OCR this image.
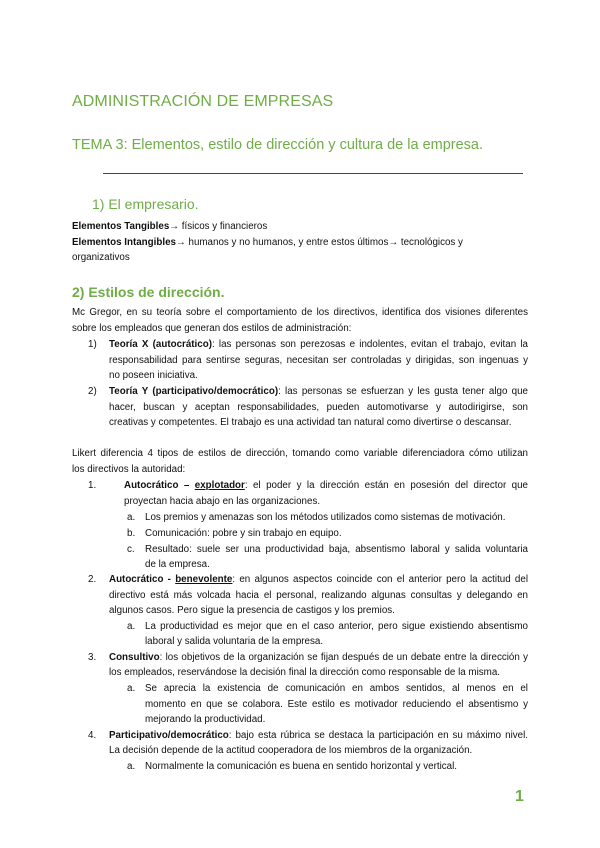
ADMINISTRACIÓN DE EMPRESAS
TEMA 3: Elementos, estilo de dirección y cultura de la empresa.
1) El empresario.
Elementos Tangibles→ físicos y financieros
Elementos Intangibles→ humanos y no humanos, y entre estos últimos→ tecnológicos y
organizativos
2) Estilos de dirección.
Mc Gregor, en su teoría sobre el comportamiento de los directivos, identifica dos visiones diferentes
sobre los empleados que generan dos estilos de administración:
1) Teoría X (autocrático): las personas son perezosas e indolentes, evitan el trabajo, evitan la
responsabilidad para sentirse seguras, necesitan ser controladas y dirigidas, son ingenuas y
no poseen iniciativa.
2) Teoría Y (participativo/democrático): las personas se esfuerzan y les gusta tener algo que
hacer, buscan y aceptan responsabilidades, pueden automotivarse y autodirigirse, son
creativas y competentes. El trabajo es una actividad tan natural como divertirse o descansar.
Likert diferencia 4 tipos de estilos de dirección, tomando como variable diferenciadora cómo utilizan
los directivos la autoridad:
1.	Autocrático – explotador: el poder y la dirección están en posesión del director que
proyectan hacia abajo en las organizaciones.
a. Los premios y amenazas son los métodos utilizados como sistemas de motivación.
b. Comunicación: pobre y sin trabajo en equipo.
c. Resultado: suele ser una productividad baja, absentismo laboral y salida voluntaria
de la empresa.
2. Autocrático - benevolente: en algunos aspectos coincide con el anterior pero la actitud del
directivo está más volcada hacia el personal, realizando algunas consultas y delegando en
algunos casos. Pero sigue la presencia de castigos y los premios.
a. La productividad es mejor que en el caso anterior, pero sigue existiendo absentismo
laboral y salida voluntaria de la empresa.
3. Consultivo: los objetivos de la organización se fijan después de un debate entre la dirección y
los empleados, reservándose la decisión final la dirección como responsable de la misma.
a. Se aprecia la existencia de comunicación en ambos sentidos, al menos en el
momento en que se colabora. Este estilo es motivador reduciendo el absentismo y
mejorando la productividad.
4. Participativo/democrático: bajo esta rúbrica se destaca la participación en su máximo nivel.
La decisión depende de la actitud cooperadora de los miembros de la organización.
a. Normalmente la comunicación es buena en sentido horizontal y vertical.
1
